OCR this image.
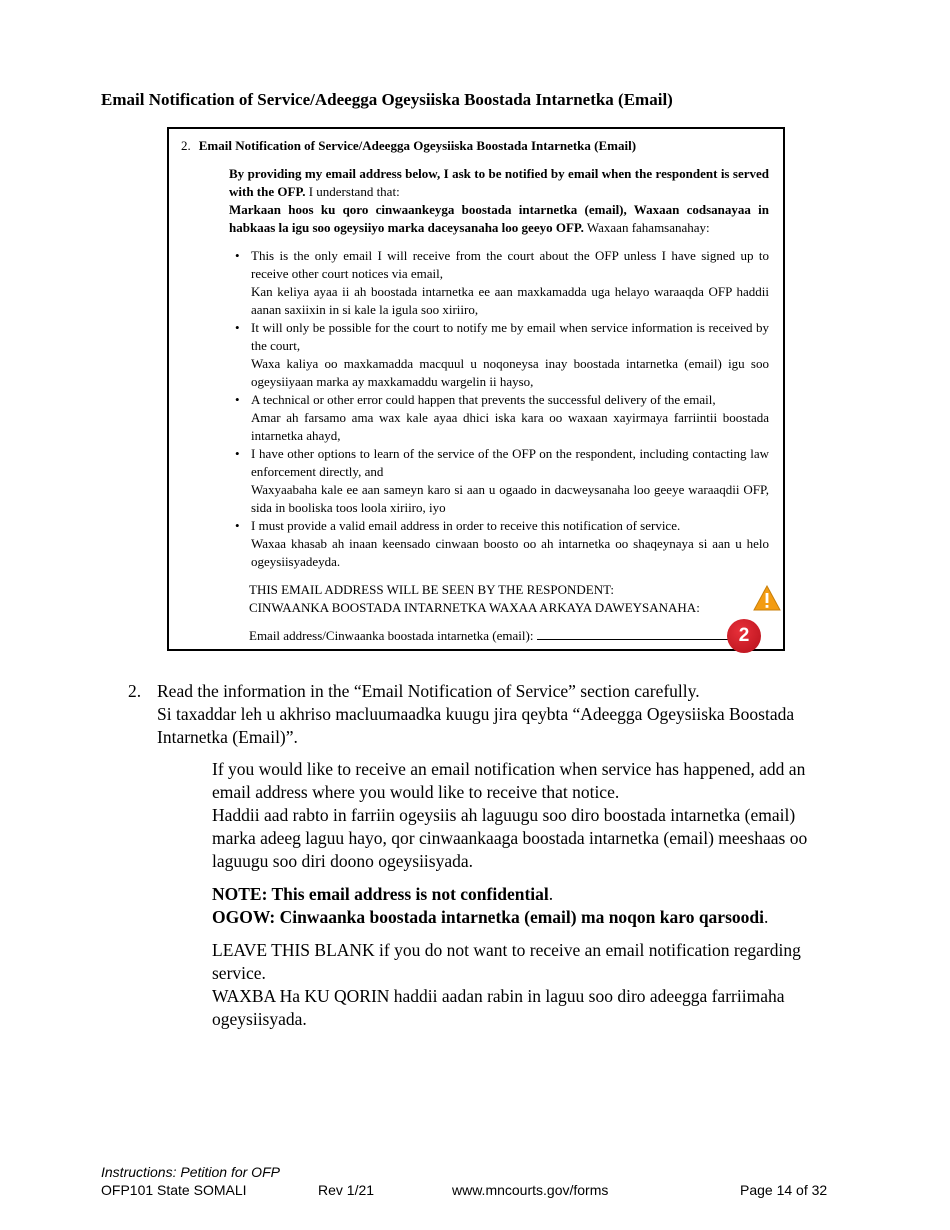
Email Notification of Service/Adeegga Ogeysiiska Boostada Intarnetka (Email)
2. Email Notification of Service/Adeegga Ogeysiiska Boostada Intarnetka (Email)

By providing my email address below, I ask to be notified by email when the respondent is served with the OFP. I understand that:

Markaan hoos ku qoro cinwaankeyga boostada intarnetka (email), Waxaan codsanayaa in habkaas la igu soo ogeysiiyo marka daceysanaha loo geeyo OFP. Waxaan fahamsanahay:

• This is the only email I will receive from the court about the OFP unless I have signed up to receive other court notices via email,
Kan keliya ayaa ii ah boostada intarnetka ee aan maxkamadda uga helayo waraaqda OFP haddii aanan saxiixin in si kale la igula soo xiriiro,
• It will only be possible for the court to notify me by email when service information is received by the court,
Waxa kaliya oo maxkamadda macquul u noqoneysa inay boostada intarnetka (email) igu soo ogeysiiyaan marka ay maxkamaddu wargelin ii hayso,
• A technical or other error could happen that prevents the successful delivery of the email,
Amar ah farsamo ama wax kale ayaa dhici iska kara oo waxaan xayirmaya farriintii boostada intarnetka ahayd,
• I have other options to learn of the service of the OFP on the respondent, including contacting law enforcement directly, and
Waxyaabaha kale ee aan sameyn karo si aan u ogaado in dacweysanaha loo geeye waraaqdii OFP, sida in booliska toos loola xiriiro, iyo
• I must provide a valid email address in order to receive this notification of service.
Waxaa khasab ah inaan keensado cinwaan boosto oo ah intarnetka oo shaqeynaya si aan u helo ogeysiisyadeyda.
THIS EMAIL ADDRESS WILL BE SEEN BY THE RESPONDENT:
CINWAANKA BOOSTADA INTARNETKA WAXAA ARKAYA DAWEYSANAHA:
Email address/Cinwaanka boostada intarnetka (email):	2
2. Read the information in the “Email Notification of Service” section carefully.

Si taxaddar leh u akhriso macluumaadka kuugu jira qeybta “Adeegga Ogeysiiska Boostada Intarnetka (Email)”.

If you would like to receive an email notification when service has happened, add an email address where you would like to receive that notice.

Haddii aad rabto in farriin ogeysiis ah laguugu soo diro boostada intarnetka (email) marka adeeg laguu hayo, qor cinwaankaaga boostada intarnetka (email) meeshaas oo laguugu soo diri doono ogeysiisyada.

NOTE: This email address is not confidential.

OGOW: Cinwaanka boostada intarnetka (email) ma noqon karo qarsoodi.

LEAVE THIS BLANK if you do not want to receive an email notification regarding service.

WAXBA Ha KU QORIN haddii aadan rabin in laguu soo diro adeegga farriimaha ogeysiisyada.

Instructions: Petition for OFP
OFP101 State SOMALI	Rev 1/21	www.mncourts.gov/forms	Page 14 of 32
